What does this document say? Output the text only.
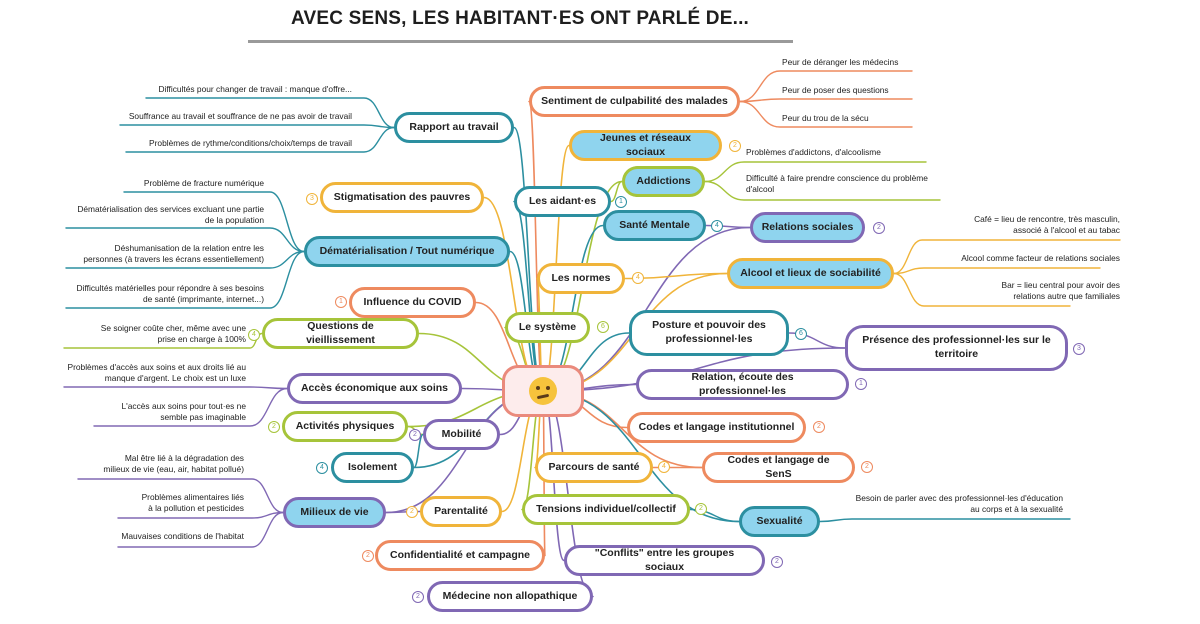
AVEC SENS, LES HABITANT·ES ONT PARLÉ DE...
Sentiment de culpabilité des malades
Jeunes et réseaux sociaux	2
Addictions
Les aidant·es	1
Santé Mentale	4	Relations sociales	2
Les normes	4	Alcool et lieux de sociabilité
Le système	6	Posture et pouvoir des professionnel·les	6
Présence des professionnel·les sur le territoire	3
Relation, écoute des professionnel·les
1
Codes et langage institutionnel	2
Parcours de santé	4
Codes et langage de SenS
2
Tensions individuel/collectif	2
Sexualité
"Conflits" entre les groupes sociaux	2
Rapport au travail
Stigmatisation des pauvres
3
Dématérialisation / Tout numérique
Influence du COVID
1
Questions de vieillissement
4
Accès économique aux soins
Activités physiques
2
Mobilité
2
Isolement
4
Milieux de vie	Parentalité
2
Confidentialité et campagne
2
Médecine non allopathique
2
Peur de déranger les médecins
Peur de poser des questions
Peur du trou de la sécu
Problèmes d'addictons, d'alcoolisme
Difficulté à faire prendre conscience du problème
d'alcool
Café = lieu de rencontre, très masculin,
associé à l'alcool et au tabac
Alcool comme facteur de relations sociales
Bar = lieu central pour avoir des
relations autre que familiales
Besoin de parler avec des professionnel·les d'éducation
au corps et à la sexualité
Difficultés pour changer de travail : manque d'offre...
Souffrance au travail et souffrance de ne pas avoir de travail
Problèmes de rythme/conditions/choix/temps de travail
Problème de fracture numérique
Dématérialisation des services excluant une partie
de la population
Déshumanisation de la relation entre les
personnes (à travers les écrans essentiellement)
Difficultés matérielles pour répondre à ses besoins
de santé (imprimante, internet...)
Se soigner coûte cher, même avec une
prise en charge à 100%
Problèmes d'accès aux soins et aux droits lié au
manque d'argent. Le choix est un luxe
L'accès aux soins pour tout·es ne
semble pas imaginable
Mal être lié à la dégradation des
milieux de vie (eau, air, habitat pollué)
Problèmes alimentaires liés
à la pollution et pesticides
Mauvaises conditions de l'habitat
